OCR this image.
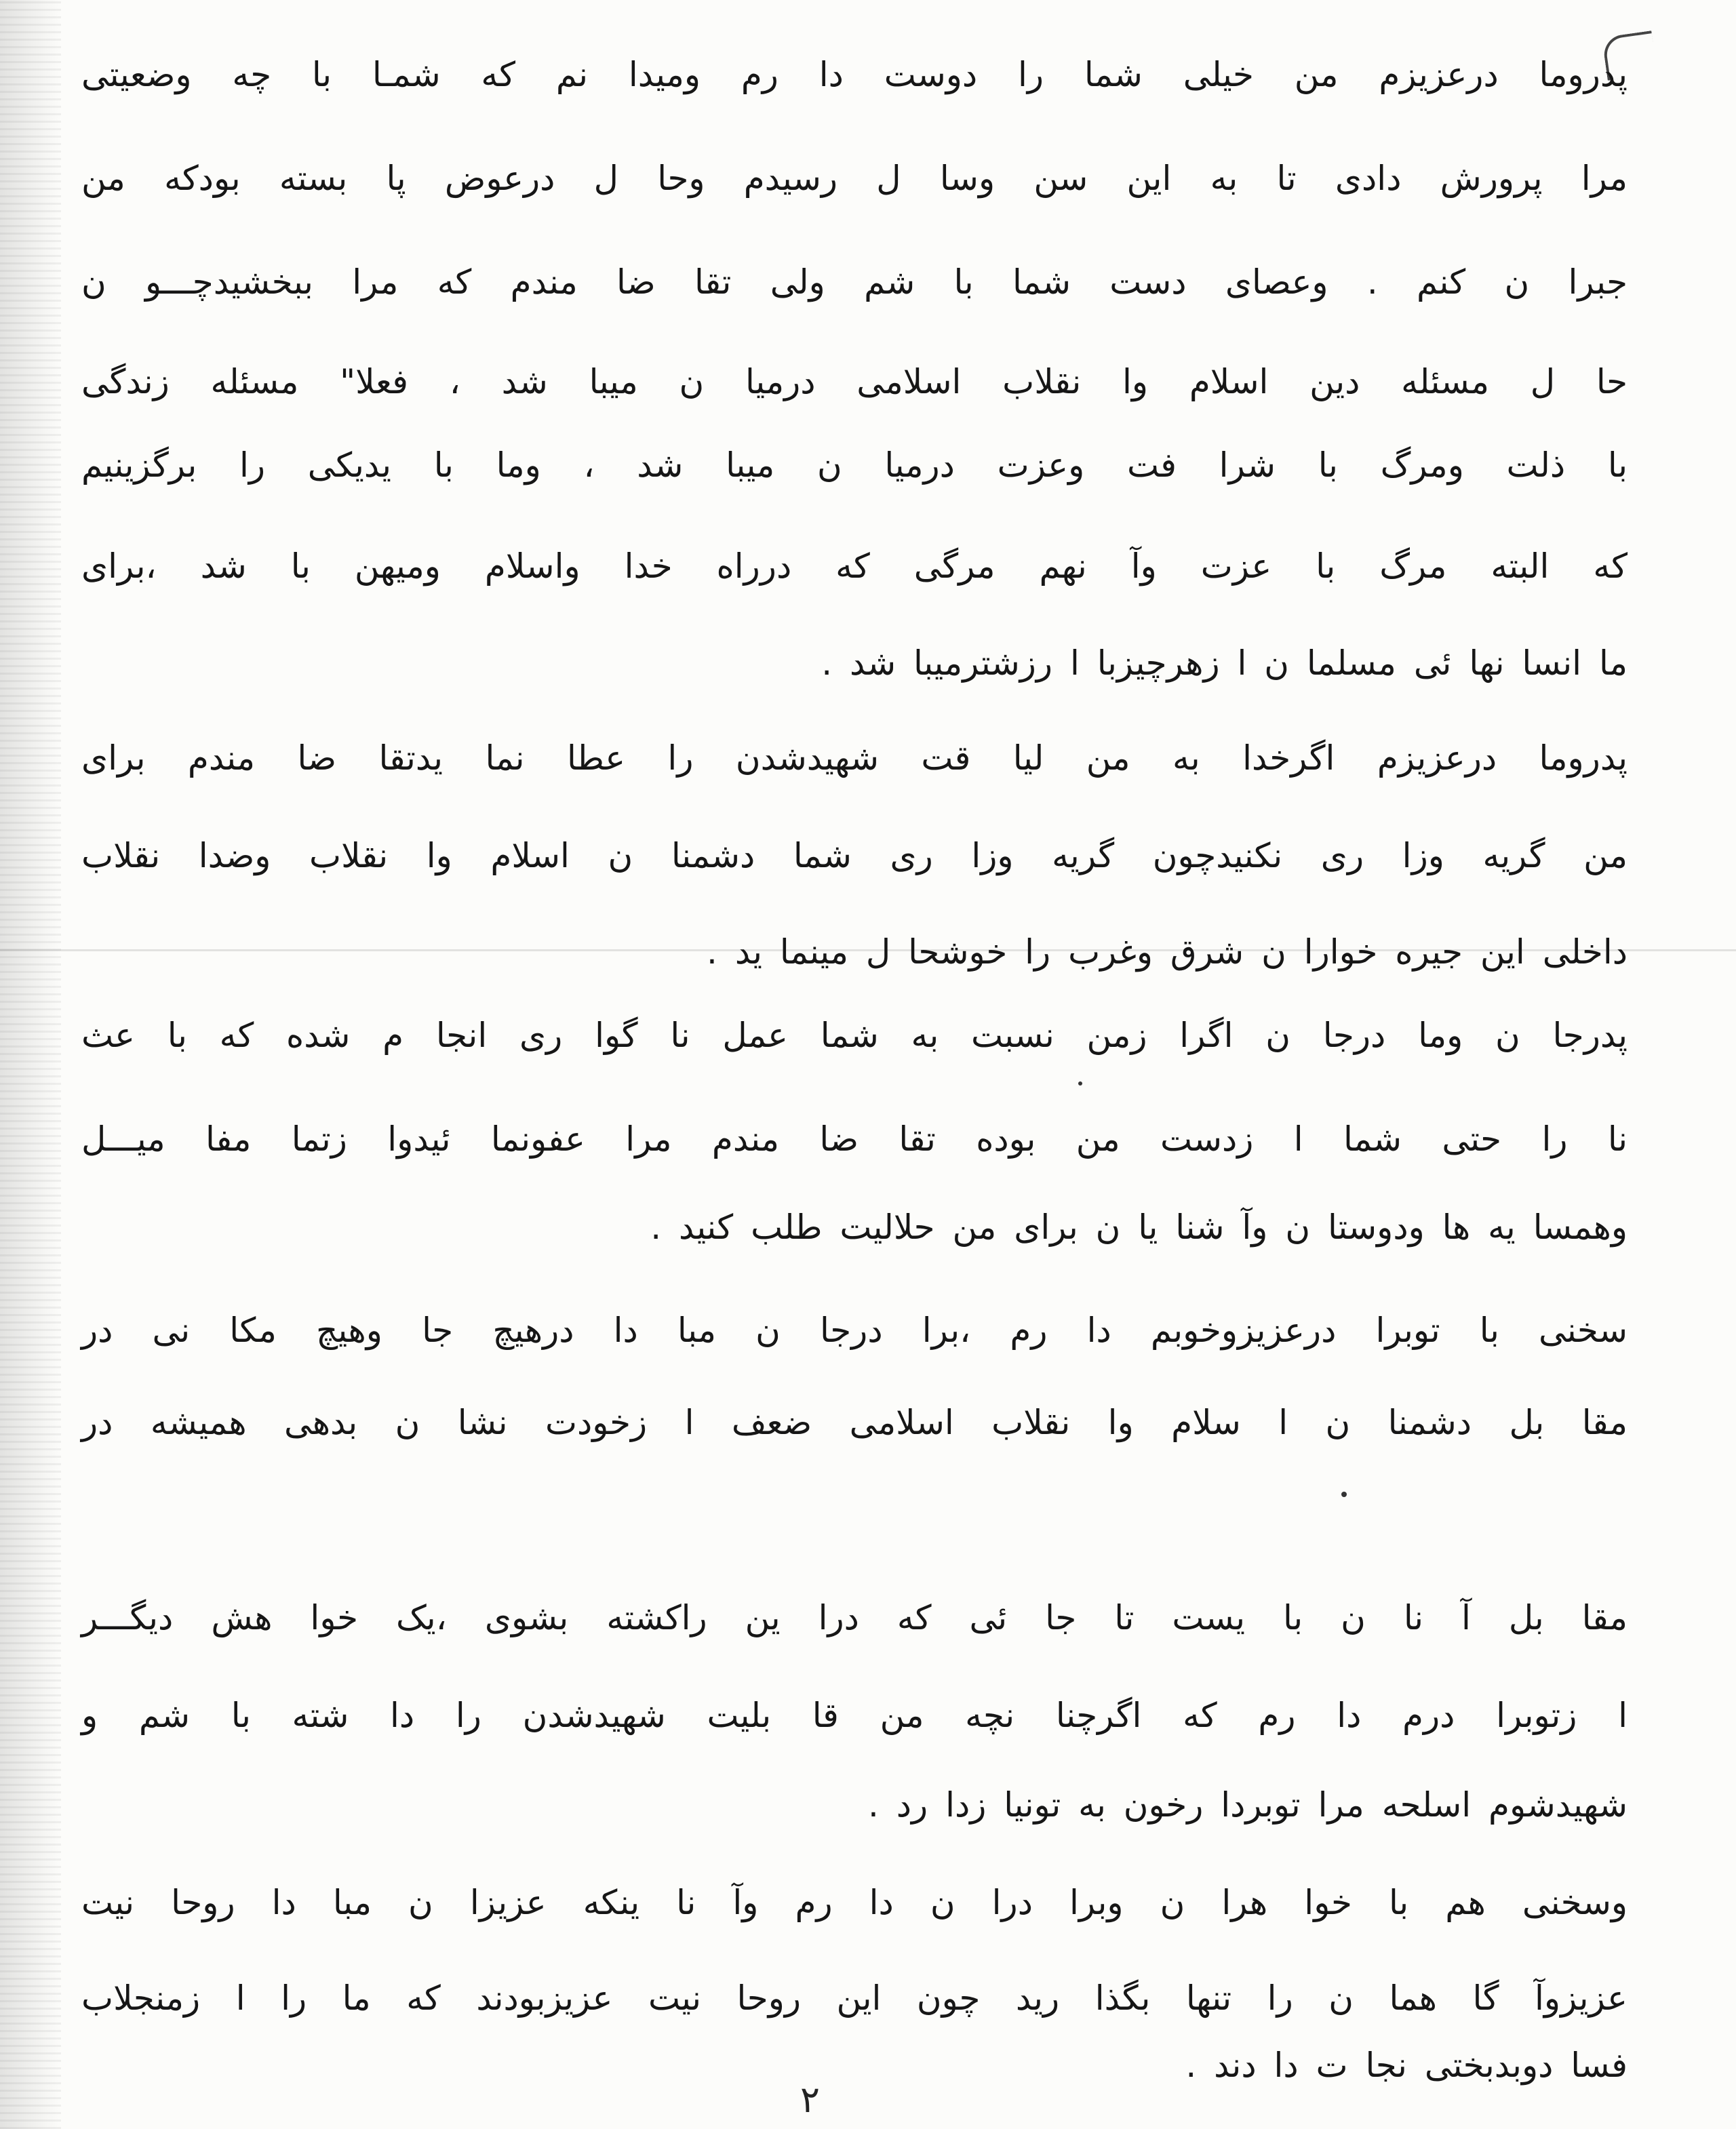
پدروما درعزیزم من خیلی شما را دوست دا رم ومیدا نم که شمـا با چه وضعیتی
مرا پرورش دادی تا به این سن وسا ل رسیدم وحا ل درعوض پا بسته بودکه من
جبرا ن کنم . وعصای دست شما با شم ولی تقا ضا مندم که مرا ببخشیدچـــو ن
حا ل مسئله دین اسلام وا نقلاب اسلامی درمیا ن میبا شد ، فعلا" مسئله زندگی
با ذلت ومرگ با شرا فت وعزت درمیا ن میبا شد ، وما با یدیکی را برگزینیم
که البته مرگ با عزت وآ نهم مرگی که درراه خدا واسلام ومیهن با شد ،برای
ما انسا نها ئی مسلما ن ا زهرچیزبا ا رزشترمیبا شد .
پدروما درعزیزم اگرخدا به من لیا قت شهیدشدن را عطا نما یدتقا ضا مندم برای
من گریه وزا ری نکنیدچون گریه وزا ری شما دشمنا ن اسلام وا نقلاب وضدا نقلاب
داخلی این جیره خوارا ن شرق وغرب را خوشحا ل مینما ید .
پدرجا ن وما درجا ن اگرا زمن نسبت به شما عمل نا گوا ری انجا م شده که با عث
نا را حتی شما ا زدست من بوده تقا ضا مندم مرا عفونما ئیدوا زتما مفا میـــل
وهمسا یه ها ودوستا ن وآ شنا یا ن برای من حلالیت طلب کنید .
سخنی با توبرا درعزیزوخوبم دا رم ،برا درجا ن مبا دا درهیچ جا وهیچ مکا نی در
مقا بل دشمنا ن ا سلام وا نقلاب اسلامی ضعف ا زخودت نشا ن بدهی همیشه در
مقا بل آ نا ن با یست تا جا ئی که درا ین راکشته بشوی ،یک خوا هش دیگـــر
ا زتوبرا درم دا رم که اگرچنا نچه من قا بلیت شهیدشدن را دا شته با شم و
شهیدشوم اسلحه مرا توبردا رخون به تونیا زدا رد .
وسخنی هم با خوا هرا ن وبرا درا ن دا رم وآ نا ینکه عزیزا ن مبا دا روحا نیت
عزیزوآ گا هما ن را تنها بگذا رید چون این روحا نیت عزیزبودند که ما را ا زمنجلاب
فسا دوبدبختی نجا ت دا دند .
۲
